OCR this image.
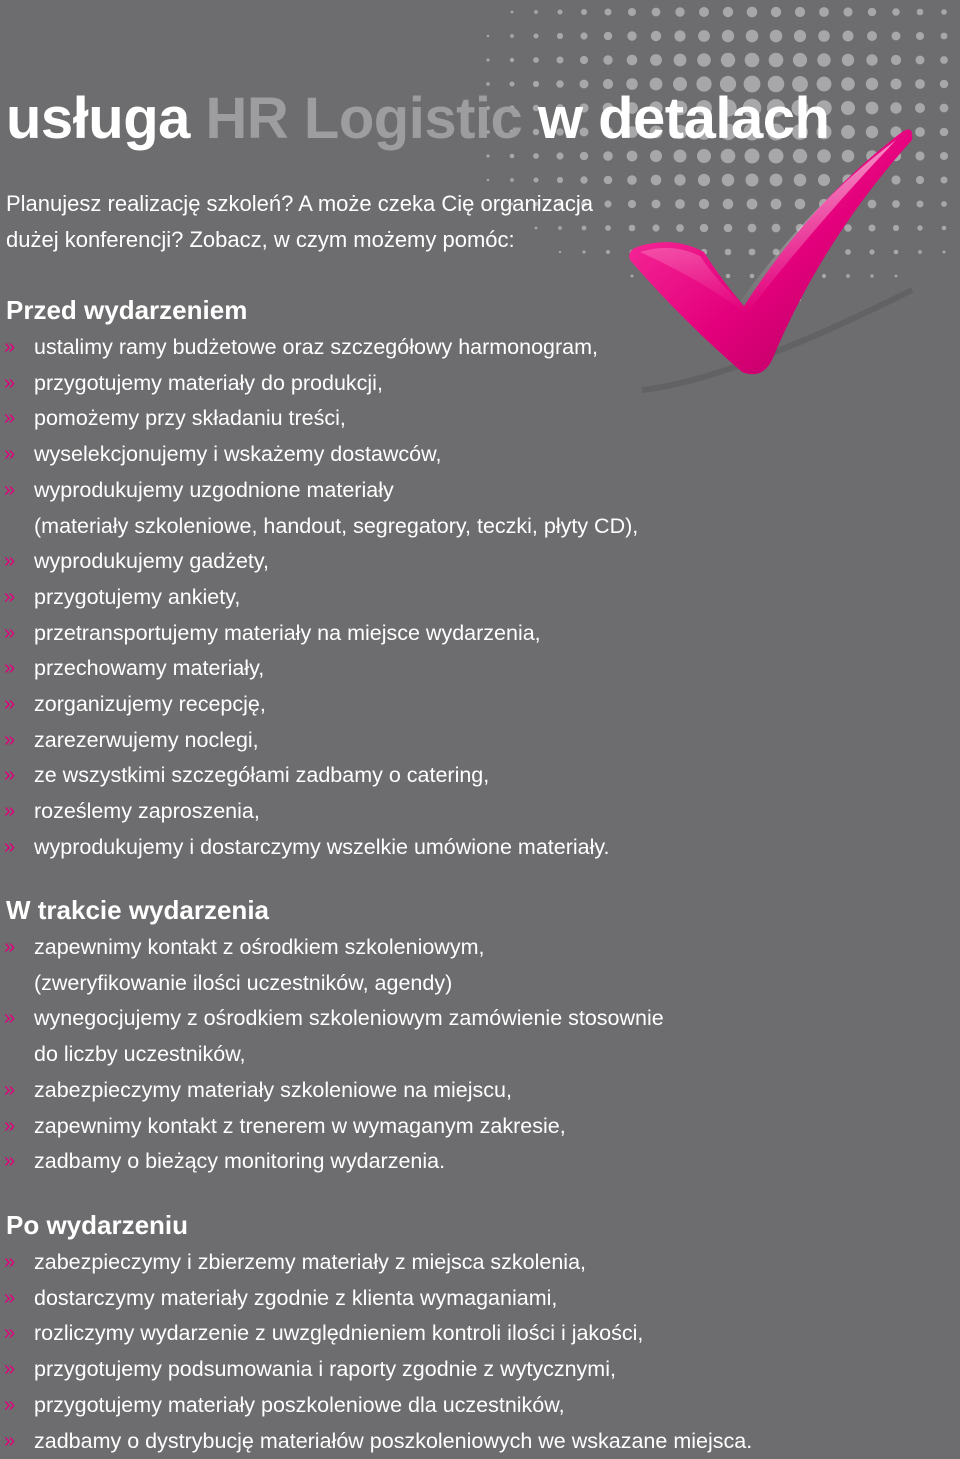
usługa HR Logistic w detalach

Planujesz realizację szkoleń? A może czeka Cię organizacja
dużej konferencji? Zobacz, w czym możemy pomóc:

Przed wydarzeniem
» ustalimy ramy budżetowe oraz szczegółowy harmonogram,
» przygotujemy materiały do produkcji,
» pomożemy przy składaniu treści,
» wyselekcjonujemy i wskażemy dostawców,
» wyprodukujemy uzgodnione materiały
(materiały szkoleniowe, handout, segregatory, teczki, płyty CD),
» wyprodukujemy gadżety,
» przygotujemy ankiety,
» przetransportujemy materiały na miejsce wydarzenia,
» przechowamy materiały,
» zorganizujemy recepcję,
» zarezerwujemy noclegi,
» ze wszystkimi szczegółami zadbamy o catering,
» roześlemy zaproszenia,
» wyprodukujemy i dostarczymy wszelkie umówione materiały.
W trakcie wydarzenia
» zapewnimy kontakt z ośrodkiem szkoleniowym,
(zweryfikowanie ilości uczestników, agendy)
» wynegocjujemy z ośrodkiem szkoleniowym zamówienie stosownie
do liczby uczestników,
» zabezpieczymy materiały szkoleniowe na miejscu,
» zapewnimy kontakt z trenerem w wymaganym zakresie,
» zadbamy o bieżący monitoring wydarzenia.
Po wydarzeniu
» zabezpieczymy i zbierzemy materiały z miejsca szkolenia,
» dostarczymy materiały zgodnie z klienta wymaganiami,
» rozliczymy wydarzenie z uwzględnieniem kontroli ilości i jakości,
» przygotujemy podsumowania i raporty zgodnie z wytycznymi,
» przygotujemy materiały poszkoleniowe dla uczestników,
» zadbamy o dystrybucję materiałów poszkoleniowych we wskazane miejsca.
